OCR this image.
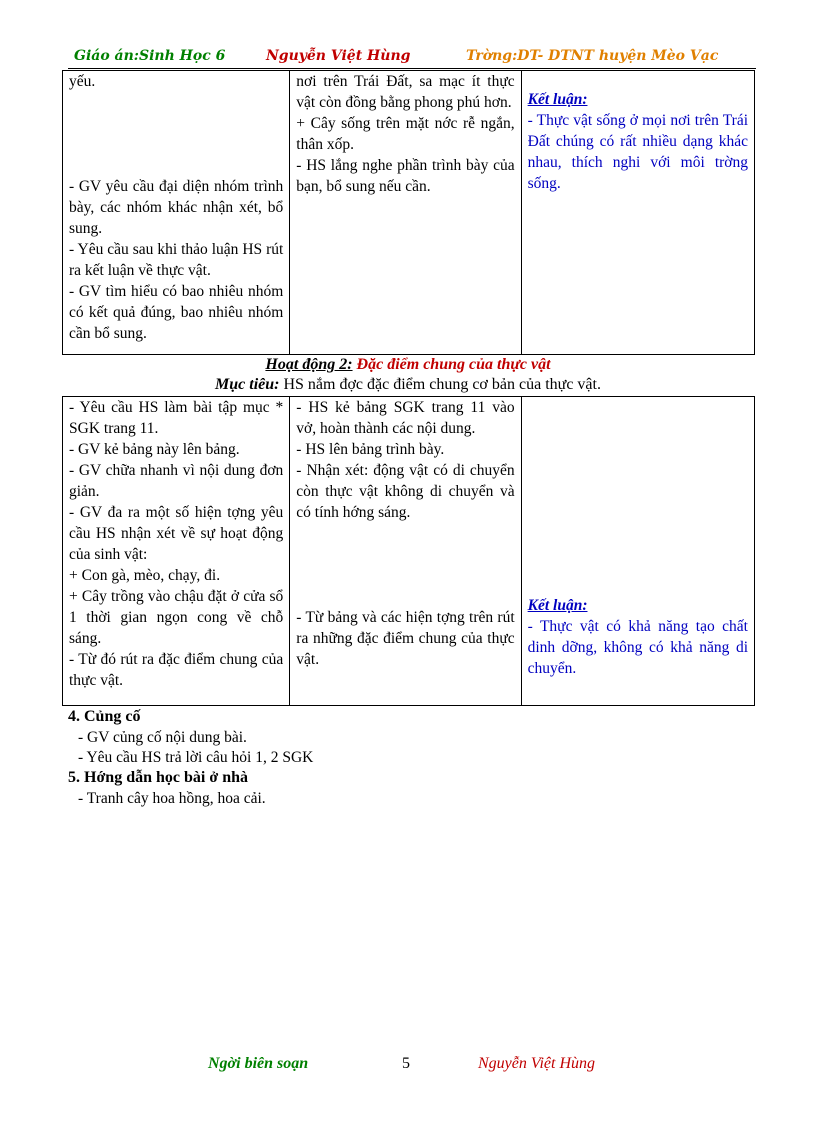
Giáo án:Sinh Học 6	Nguyễn Việt Hùng	Trờng:DT- DTNT huyện Mèo Vạc
yếu.
- GV yêu cầu đại diện nhóm trình bày, các nhóm khác nhận xét, bổ sung.
- Yêu cầu sau khi thảo luận HS rút ra kết luận về thực vật.
- GV tìm hiểu có bao nhiêu nhóm có kết quả đúng, bao nhiêu nhóm cần bổ sung.

nơi trên Trái Đất, sa mạc ít thực vật còn đồng bằng phong phú hơn.
+ Cây sống trên mặt nớc rễ ngắn, thân xốp.
- HS lắng nghe phần trình bày của bạn, bổ sung nếu cần.

Kết luận:
- Thực vật sống ở mọi nơi trên Trái Đất chúng có rất nhiều dạng khác nhau, thích nghi với môi trờng sống.
Hoạt động 2: Đặc điểm chung của thực vật
Mục tiêu: HS nắm đợc đặc điểm chung cơ bản của thực vật.
- Yêu cầu HS làm bài tập mục * SGK trang 11.
- GV kẻ bảng này lên bảng.
- GV chữa nhanh vì nội dung đơn giản.
- GV đa ra một số hiện tợng yêu cầu HS nhận xét về sự hoạt động của sinh vật:
+ Con gà, mèo, chạy, đi.
+ Cây trồng vào chậu đặt ở cửa sổ 1 thời gian ngọn cong về chỗ sáng.
- Từ đó rút ra đặc điểm chung của thực vật.

- HS kẻ bảng SGK trang 11 vào vở, hoàn thành các nội dung.
- HS lên bảng trình bày.
- Nhận xét: động vật có di chuyển còn thực vật không di chuyển và có tính hớng sáng.
- Từ bảng và các hiện tợng trên rút ra những đặc điểm chung của thực vật.

Kết luận:
- Thực vật có khả năng tạo chất dinh dỡng, không có khả năng di chuyển.
4. Củng cố
- GV củng cố nội dung bài.
- Yêu cầu HS trả lời câu hỏi 1, 2 SGK
5. Hớng dẫn học bài ở nhà
- Tranh cây hoa hồng, hoa cải.
Ngời biên soạn	5	Nguyễn Việt Hùng
